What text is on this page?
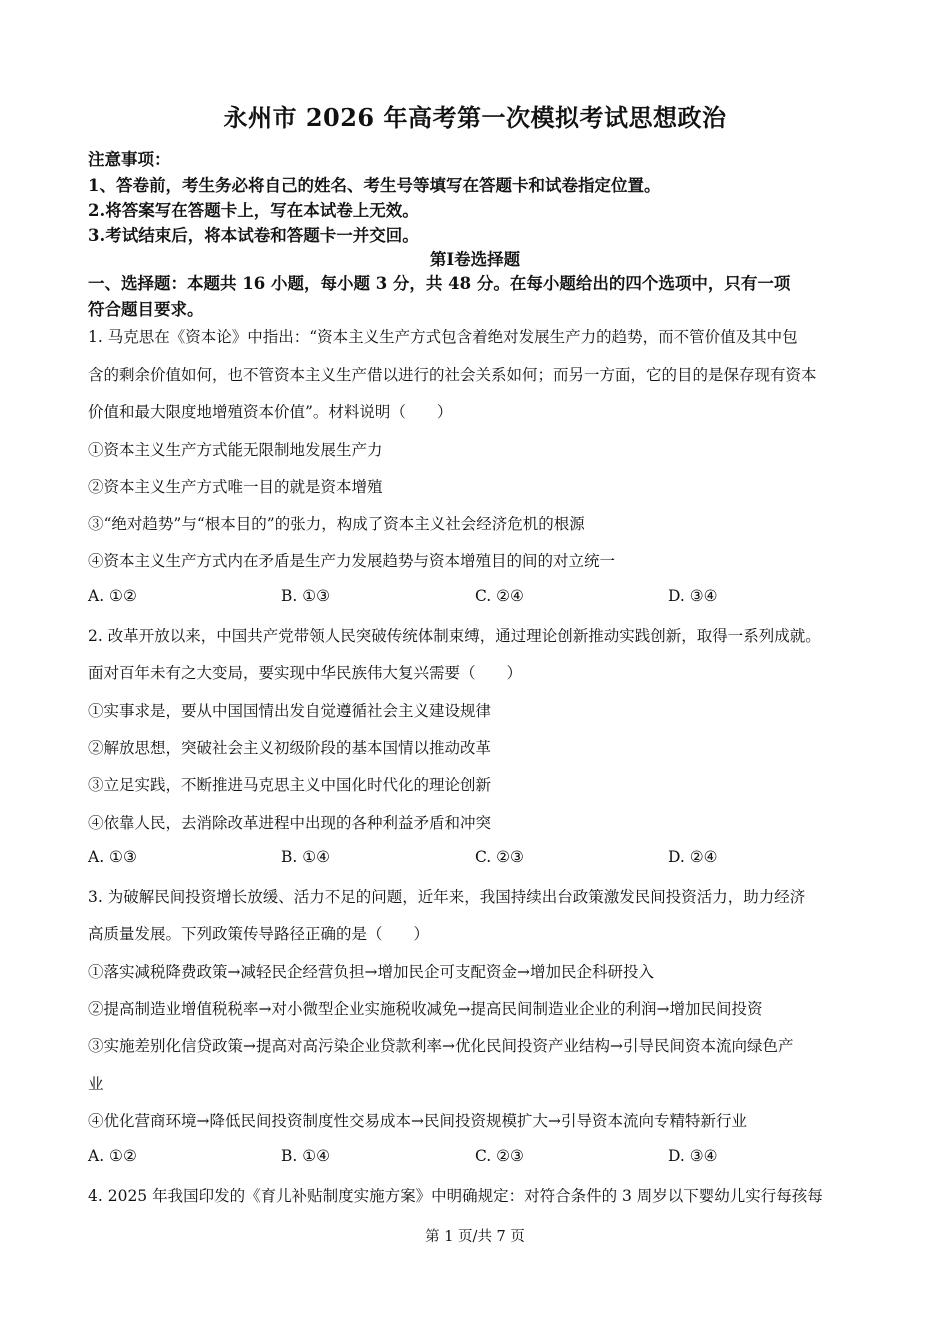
永州市 2026 年高考第一次模拟考试思想政治
注意事项：
1、答卷前，考生务必将自己的姓名、考生号等填写在答题卡和试卷指定位置。
2.将答案写在答题卡上，写在本试卷上无效。
3.考试结束后，将本试卷和答题卡一并交回。
第Ⅰ卷选择题
一、选择题：本题共 16 小题，每小题 3 分，共 48 分。在每小题给出的四个选项中，只有一项
符合题目要求。
1. 马克思在《资本论》中指出：“资本主义生产方式包含着绝对发展生产力的趋势，而不管价值及其中包
含的剩余价值如何，也不管资本主义生产借以进行的社会关系如何；而另一方面，它的目的是保存现有资本
价值和最大限度地增殖资本价值”。材料说明（　　）
①资本主义生产方式能无限制地发展生产力
②资本主义生产方式唯一目的就是资本增殖
③“绝对趋势”与“根本目的”的张力，构成了资本主义社会经济危机的根源
④资本主义生产方式内在矛盾是生产力发展趋势与资本增殖目的间的对立统一
A. ①②	B. ①③	C. ②④	D. ③④
2. 改革开放以来，中国共产党带领人民突破传统体制束缚，通过理论创新推动实践创新，取得一系列成就。
面对百年未有之大变局，要实现中华民族伟大复兴需要（　　）
①实事求是，要从中国国情出发自觉遵循社会主义建设规律
②解放思想，突破社会主义初级阶段的基本国情以推动改革
③立足实践，不断推进马克思主义中国化时代化的理论创新
④依靠人民，去消除改革进程中出现的各种利益矛盾和冲突
A. ①③	B. ①④	C. ②③	D. ②④
3. 为破解民间投资增长放缓、活力不足的问题，近年来，我国持续出台政策激发民间投资活力，助力经济
高质量发展。下列政策传导路径正确的是（　　）
①落实减税降费政策→减轻民企经营负担→增加民企可支配资金→增加民企科研投入
②提高制造业增值税税率→对小微型企业实施税收减免→提高民间制造业企业的利润→增加民间投资
③实施差别化信贷政策→提高对高污染企业贷款利率→优化民间投资产业结构→引导民间资本流向绿色产
业
④优化营商环境→降低民间投资制度性交易成本→民间投资规模扩大→引导资本流向专精特新行业
A. ①②	B. ①④	C. ②③	D. ③④
4. 2025 年我国印发的《育儿补贴制度实施方案》中明确规定：对符合条件的 3 周岁以下婴幼儿实行每孩每
第 1 页/共 7 页
